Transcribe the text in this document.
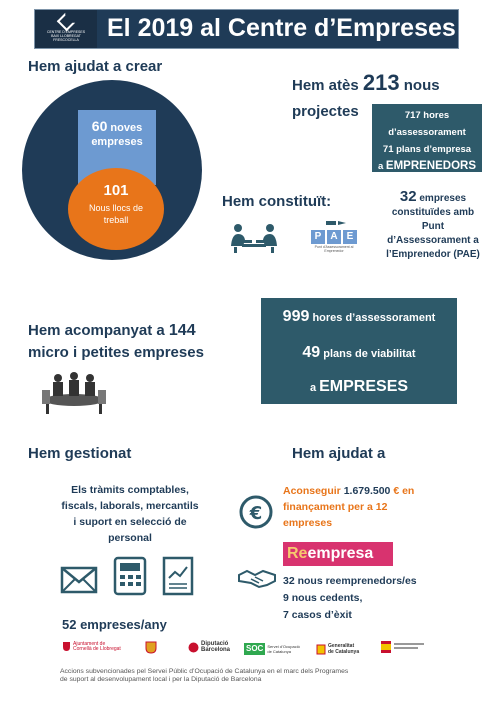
CENTRE D’EMPRESES
BAIX LLOBREGAT
FRESCOCELLA El 2019 al Centre d’Empreses
Hem ajudat a crear
60 noves
empreses
101
Nous llocs de
treball
Hem atès 213 nous
projectes	717 hores
d’assessorament
71 plans d’empresa
a EMPRENEDORS
Hem constituït:
P A E
Punt d’Assessorament al Emprenedor
32 empreses
constituïdes amb
Punt
d’Assessorament a
l’Emprenedor (PAE)
Hem acompanyat a 144
micro i petites empreses
999 hores d’assessorament
49 plans de viabilitat
a EMPRESES
Hem gestionat
Els tràmits comptables,
fiscals, laborals, mercantils
i suport en selecció de
personal
52 empreses/any
Hem ajudat a
€
Aconseguir 1.679.500 € en
finançament per a 12
empreses
Reempresa
32 nous reemprenedors/es
9 nous cedents,
7 casos d’èxit
Ajuntament de
Cornellà de Llobregat
Diputació
Barcelona SOC	Servei d’Ocupació
de Catalunya
Generalitat
de Catalunya
Accions subvencionades pel Servei Públic d’Ocupació de Catalunya en el marc dels Programes
de suport al desenvolupament local i per la Diputació de Barcelona
